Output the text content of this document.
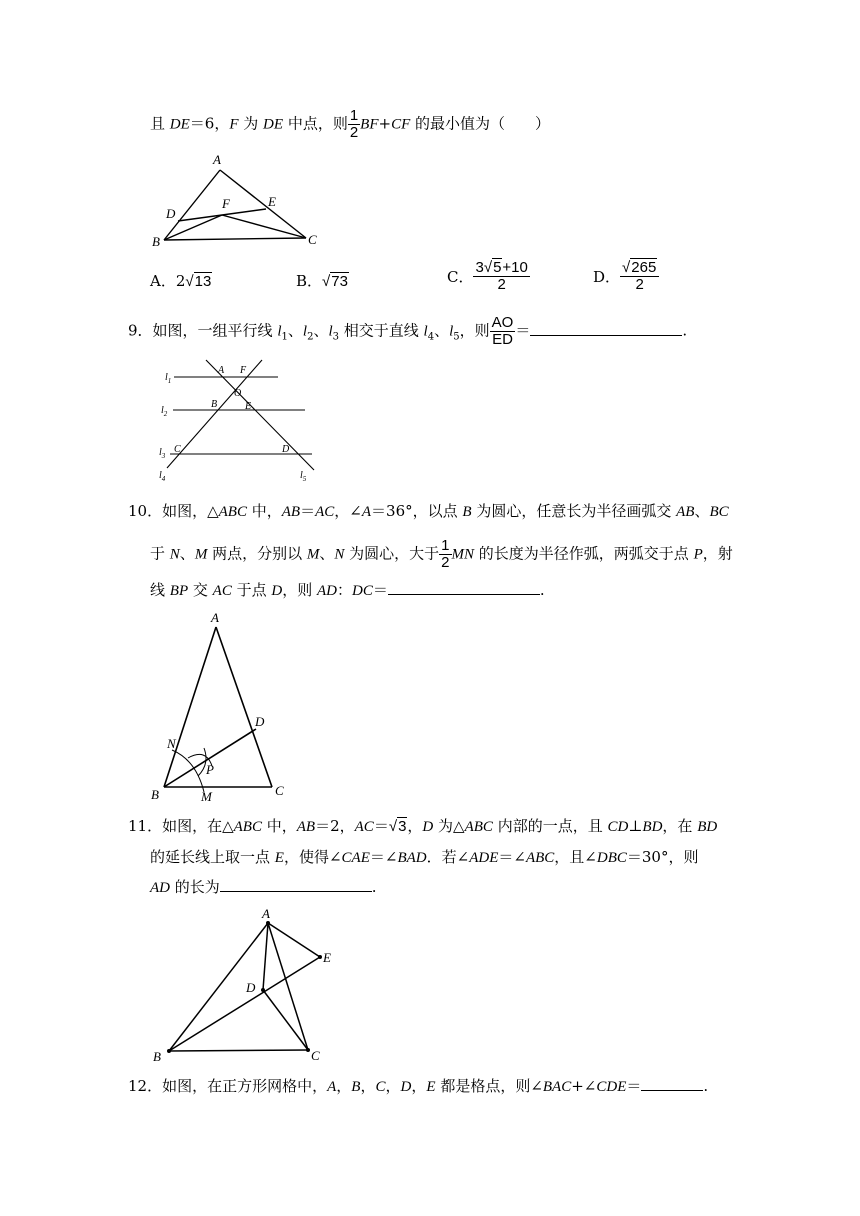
且 DE＝6，F 为 DE 中点，则 $\frac{1}{2} BF+CF$ 的最小值为（　　）
A
D
F	E
B	C
A．2√13	B．√73	C． $\frac{3√5+10}{2}$	D． $\frac{√265}{2}$
9．如图，一组平行线 $l_1$、$l_2$、$l_3$ 相交于直线 $l_4$、$l_5$，则 $\frac{AO}{ED}$ ＝	.
A F
O
B	E
C	D
$l_1$
$l_2$
$l_3$
$l_4$	$l_5$
10．如图，△ABC 中，AB＝AC，∠A＝36°，以点 B 为圆心，任意长为半径画弧交 AB、BC
于 N、M 两点，分别以 M、N 为圆心，大于 $\frac{1}{2}$ MN 的长度为半径作弧，两弧交于点 P，射
线 BP 交 AC 于点 D，则 AD：DC＝	.
A
D
N
P
B	M	C
11．如图，在△ABC 中，AB＝2，AC＝√3，D 为△ABC 内部的一点，且 CD⊥BD，在 BD
的延长线上取一点 E，使得∠CAE＝∠BAD．若∠ADE＝∠ABC，且∠DBC＝30°，则
AD 的长为	.
A
E
D
B	C
12．如图，在正方形网格中，A，B，C，D，E 都是格点，则∠BAC+∠CDE＝	.
